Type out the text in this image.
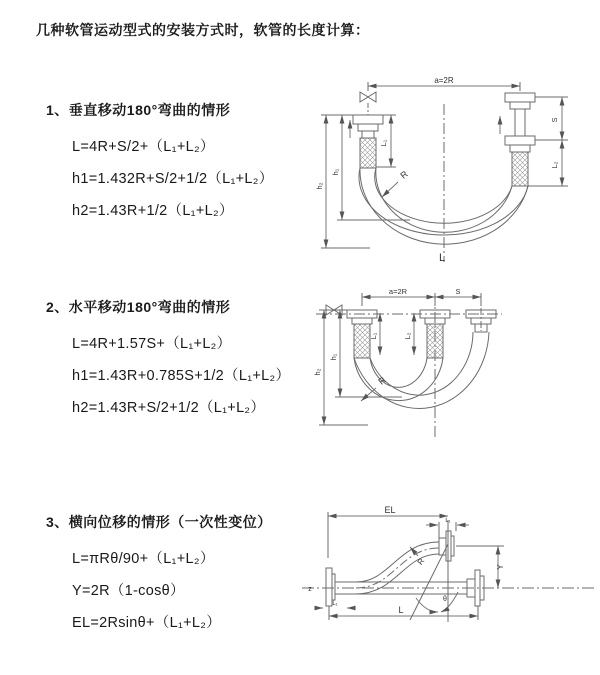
几种软管运动型式的安装方式时，软管的长度计算：
1、垂直移动180°弯曲的情形
L=4R+S/2+（L₁+L₂）
h1=1.432R+S/2+1/2（L₁+L₂）
h2=1.43R+1/2（L₁+L₂）
2、水平移动180°弯曲的情形
L=4R+1.57S+（L₁+L₂）
h1=1.43R+0.785S+1/2（L₁+L₂）
h2=1.43R+S/2+1/2（L₁+L₂）
3、横向位移的情形（一次性变位）
L=πRθ/90+（L₁+L₂）
Y=2R（1-cosθ）
EL=2Rsinθ+（L₁+L₂）
a=2R
L₁
h₁
h₂
R
S
L₂
L
a=2R	S
L₁	L₂
h₁
h₂
R
z
EL
L₁
Y
R
θ
L
L₁
